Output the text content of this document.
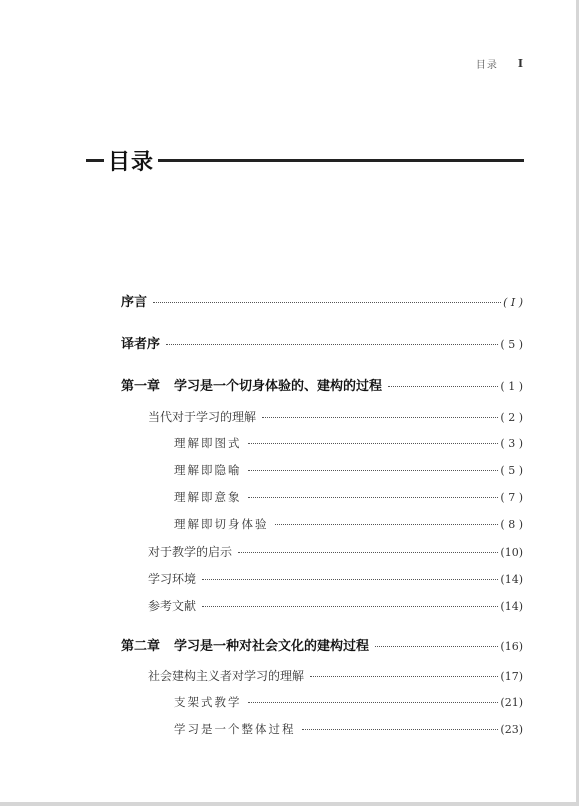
目录 I
目录
序言	( I )
译者序	( 5 )
第一章 学习是一个切身体验的、建构的过程	( 1 )
当代对于学习的理解	( 2 )
理解即图式	( 3 )
理解即隐喻	( 5 )
理解即意象	( 7 )
理解即切身体验	( 8 )
对于教学的启示	(10)
学习环境	(14)
参考文献	(14)
第二章 学习是一种对社会文化的建构过程	(16)
社会建构主义者对学习的理解	(17)
支架式教学	(21)
学习是一个整体过程	(23)
